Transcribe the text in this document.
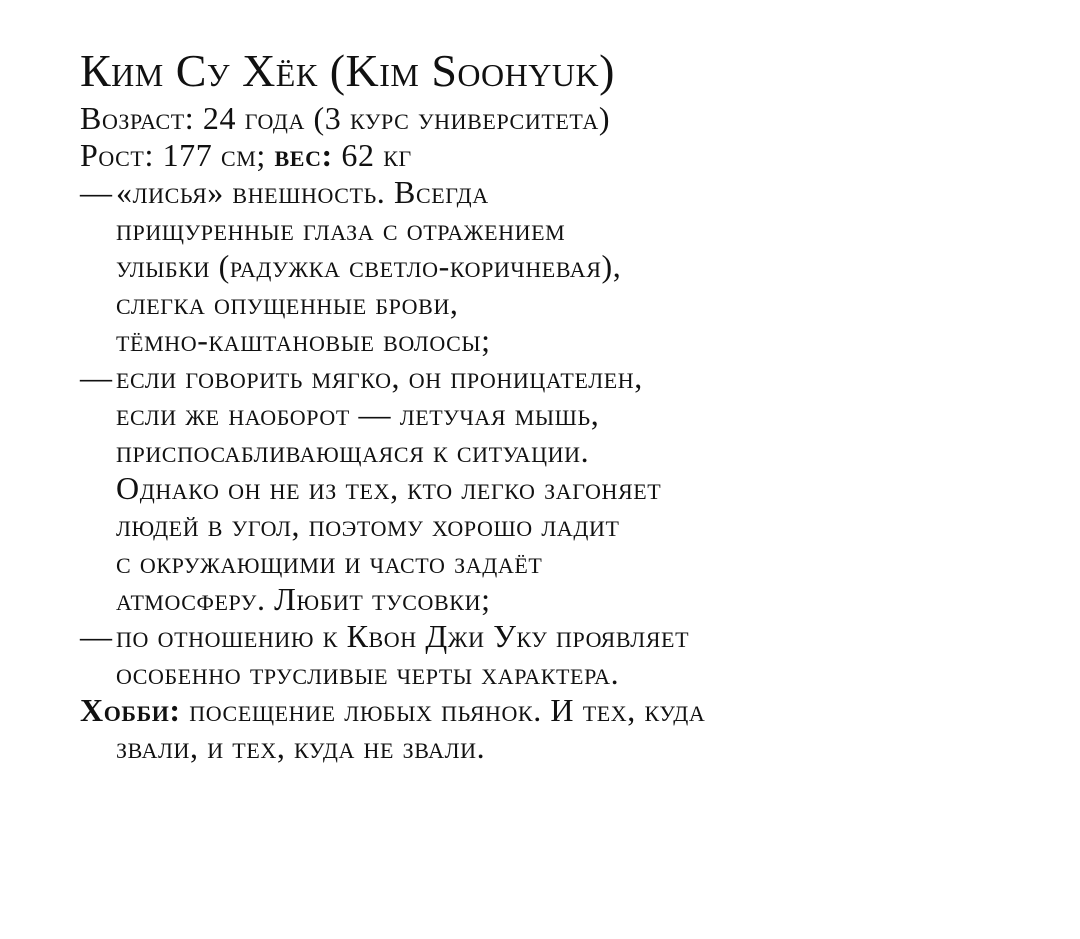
Ким Су Хёк (Kim Soohyuk)
Возраст: 24 года (3 курс университета)
Рост: 177 см; вес: 62 кг
— «лисья» внешность. Всегда
прищуренные глаза с отражением
улыбки (радужка светло-коричневая),
слегка опущенные брови,
тёмно-каштановые волосы;
— если говорить мягко, он проницателен,
если же наоборот — летучая мышь,
приспосабливающаяся к ситуации.
Однако он не из тех, кто легко загоняет
людей в угол, поэтому хорошо ладит
с окружающими и часто задаёт
атмосферу. Любит тусовки;
— по отношению к Квон Джи Уку проявляет
особенно трусливые черты характера.
Хобби: посещение любых пьянок. И тех, куда
звали, и тех, куда не звали.
